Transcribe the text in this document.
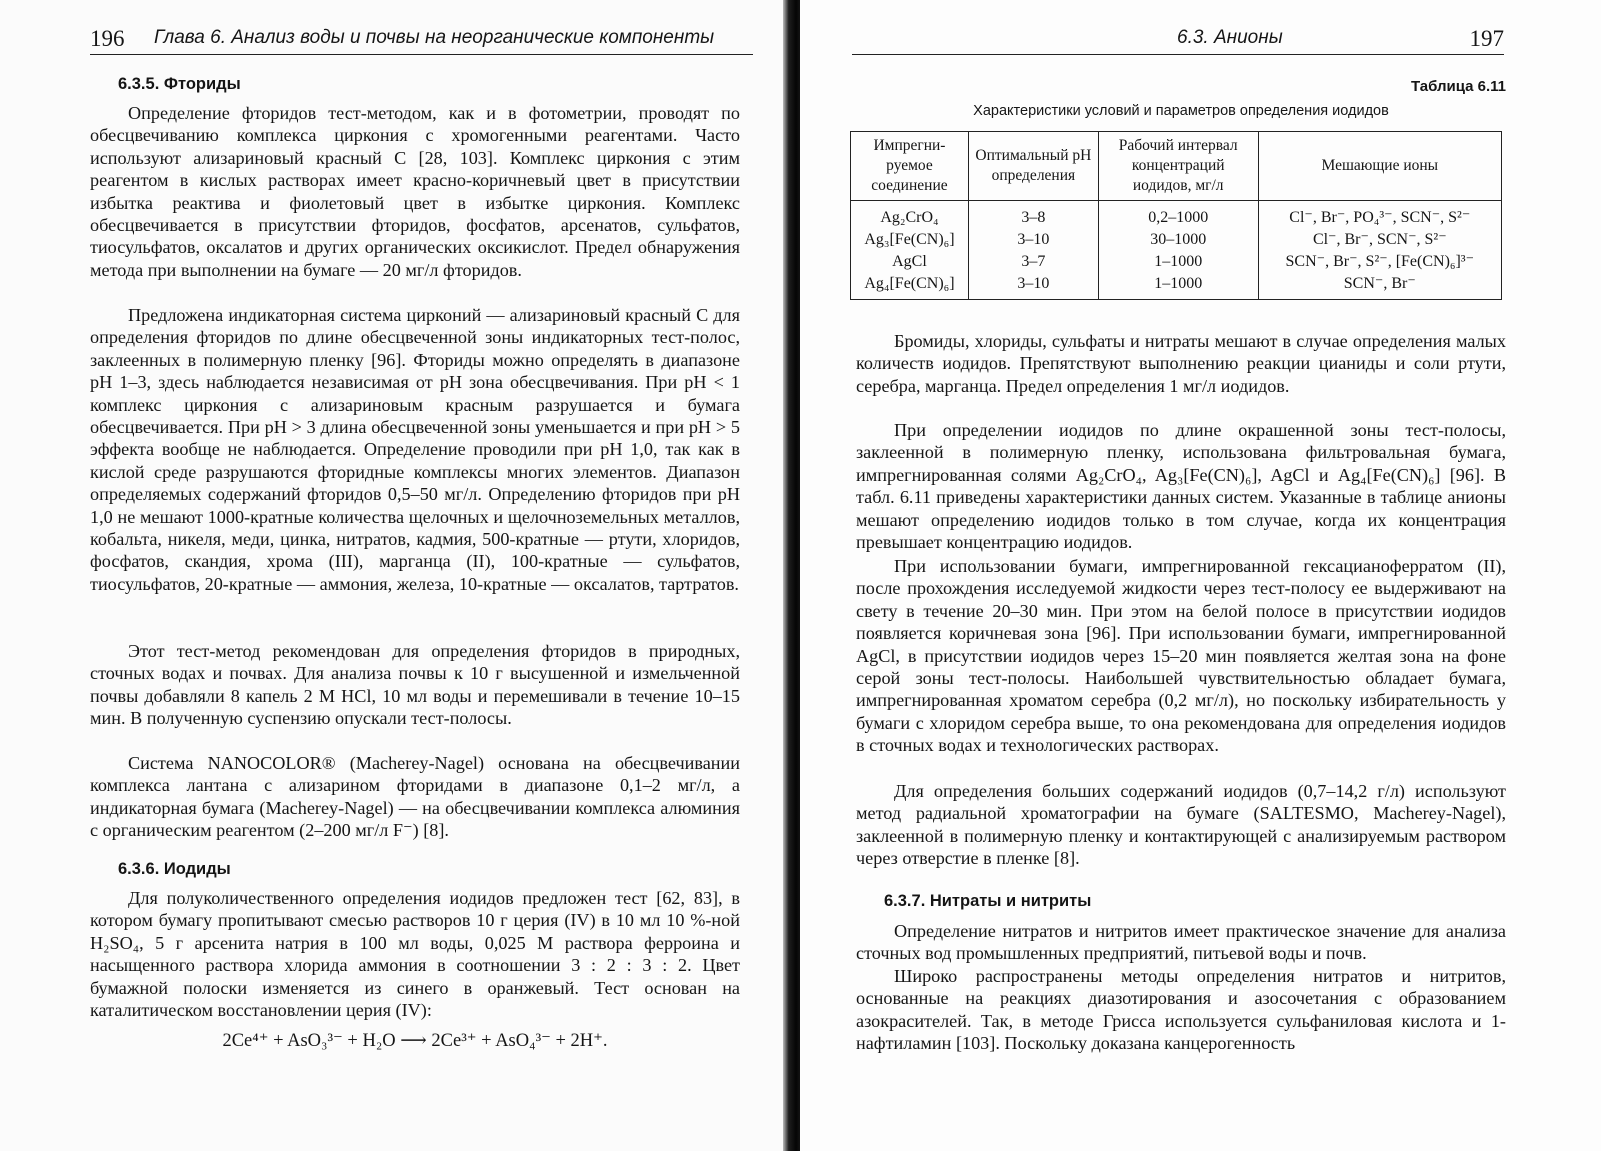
196 Глава 6. Анализ воды и почвы на неорганические компоненты
6.3.5. Фториды

Определение фторидов тест-методом, как и в фотометрии, проводят по обесцвечиванию комплекса циркония с хромогенными реагентами. Часто используют ализариновый красный С [28, 103]. Комплекс циркония с этим реагентом в кислых растворах имеет красно-коричневый цвет в присутствии избытка реактива и фиолетовый цвет в избытке циркония. Комплекс обесцвечивается в присутствии фторидов, фосфатов, арсенатов, сульфатов, тиосульфатов, оксалатов и других органических оксикислот. Предел обнаружения метода при выполнении на бумаге — 20 мг/л фторидов.

Предложена индикаторная система цирконий — ализариновый красный С для определения фторидов по длине обесцвеченной зоны индикаторных тест-полос, заклеенных в полимерную пленку [96]. Фториды можно определять в диапазоне pH 1–3, здесь наблюдается независимая от pH зона обесцвечивания. При pH < 1 комплекс циркония с ализариновым красным разрушается и бумага обесцвечивается. При pH > 3 длина обесцвеченной зоны уменьшается и при pH > 5 эффекта вообще не наблюдается. Определение проводили при pH 1,0, так как в кислой среде разрушаются фторидные комплексы многих элементов. Диапазон определяемых содержаний фторидов 0,5–50 мг/л. Определению фторидов при pH 1,0 не мешают 1000-кратные количества щелочных и щелочноземельных металлов, кобальта, никеля, меди, цинка, нитратов, кадмия, 500-кратные — ртути, хлоридов, фосфатов, скандия, хрома (III), марганца (II), 100-кратные — сульфатов, тиосульфатов, 20-кратные — аммония, железа, 10-кратные — оксалатов, тартратов.

Этот тест-метод рекомендован для определения фторидов в природных, сточных водах и почвах. Для анализа почвы к 10 г высушенной и измельченной почвы добавляли 8 капель 2 М HCl, 10 мл воды и перемешивали в течение 10–15 мин. В полученную суспензию опускали тест-полосы.

Система NANOCOLOR® (Macherey-Nagel) основана на обесцвечивании комплекса лантана с ализарином фторидами в диапазоне 0,1–2 мг/л, а индикаторная бумага (Macherey-Nagel) — на обесцвечивании комплекса алюминия с органическим реагентом (2–200 мг/л F⁻) [8].

6.3.6. Иодиды

Для полуколичественного определения иодидов предложен тест [62, 83], в котором бумагу пропитывают смесью растворов 10 г церия (IV) в 10 мл 10 %-ной H₂SO₄, 5 г арсенита натрия в 100 мл воды, 0,025 М раствора ферроина и насыщенного раствора хлорида аммония в соотношении 3 : 2 : 3 : 2. Цвет бумажной полоски изменяется из синего в оранжевый. Тест основан на каталитическом восстановлении церия (IV):

2Ce⁴⁺ + AsO₃³⁻ + H₂O ⟶ 2Ce³⁺ + AsO₄³⁻ + 2H⁺.
6.3. Анионы	197
Таблица 6.11
Характеристики условий и параметров определения иодидов
Импрегни-руемое соединение	Оптимальный pH определения	Рабочий интервал концентраций иодидов, мг/л	Мешающие ионы
Ag₂CrO₄	3–8	0,2–1000	Cl⁻, Br⁻, PO₄³⁻, SCN⁻, S²⁻
Ag₃[Fe(CN)₆]	3–10	30–1000	Cl⁻, Br⁻, SCN⁻, S²⁻
AgCl	3–7	1–1000	SCN⁻, Br⁻, S²⁻, [Fe(CN)₆]³⁻
Ag₄[Fe(CN)₆]	3–10	1–1000	SCN⁻, Br⁻

Бромиды, хлориды, сульфаты и нитраты мешают в случае определения малых количеств иодидов. Препятствуют выполнению реакции цианиды и соли ртути, серебра, марганца. Предел определения 1 мг/л иодидов.

При определении иодидов по длине окрашенной зоны тест-полосы, заклеенной в полимерную пленку, использована фильтровальная бумага, импрегнированная солями Ag₂CrO₄, Ag₃[Fe(CN)₆], AgCl и Ag₄[Fe(CN)₆] [96]. В табл. 6.11 приведены характеристики данных систем. Указанные в таблице анионы мешают определению иодидов только в том случае, когда их концентрация превышает концентрацию иодидов.

При использовании бумаги, импрегнированной гексацианоферратом (II), после прохождения исследуемой жидкости через тест-полосу ее выдерживают на свету в течение 20–30 мин. При этом на белой полосе в присутствии иодидов появляется коричневая зона [96]. При использовании бумаги, импрегнированной AgCl, в присутствии иодидов через 15–20 мин появляется желтая зона на фоне серой зоны тест-полосы. Наибольшей чувствительностью обладает бумага, импрегнированная хроматом серебра (0,2 мг/л), но поскольку избирательность у бумаги с хлоридом серебра выше, то она рекомендована для определения иодидов в сточных водах и технологических растворах.

Для определения больших содержаний иодидов (0,7–14,2 г/л) используют метод радиальной хроматографии на бумаге (SALTESMO, Macherey-Nagel), заклеенной в полимерную пленку и контактирующей с анализируемым раствором через отверстие в пленке [8].

6.3.7. Нитраты и нитриты

Определение нитратов и нитритов имеет практическое значение для анализа сточных вод промышленных предприятий, питьевой воды и почв.

Широко распространены методы определения нитратов и нитритов, основанные на реакциях диазотирования и азосочетания с образованием азокрасителей. Так, в методе Грисса используется сульфаниловая кислота и 1-нафтиламин [103]. Поскольку доказана канцерогенность
